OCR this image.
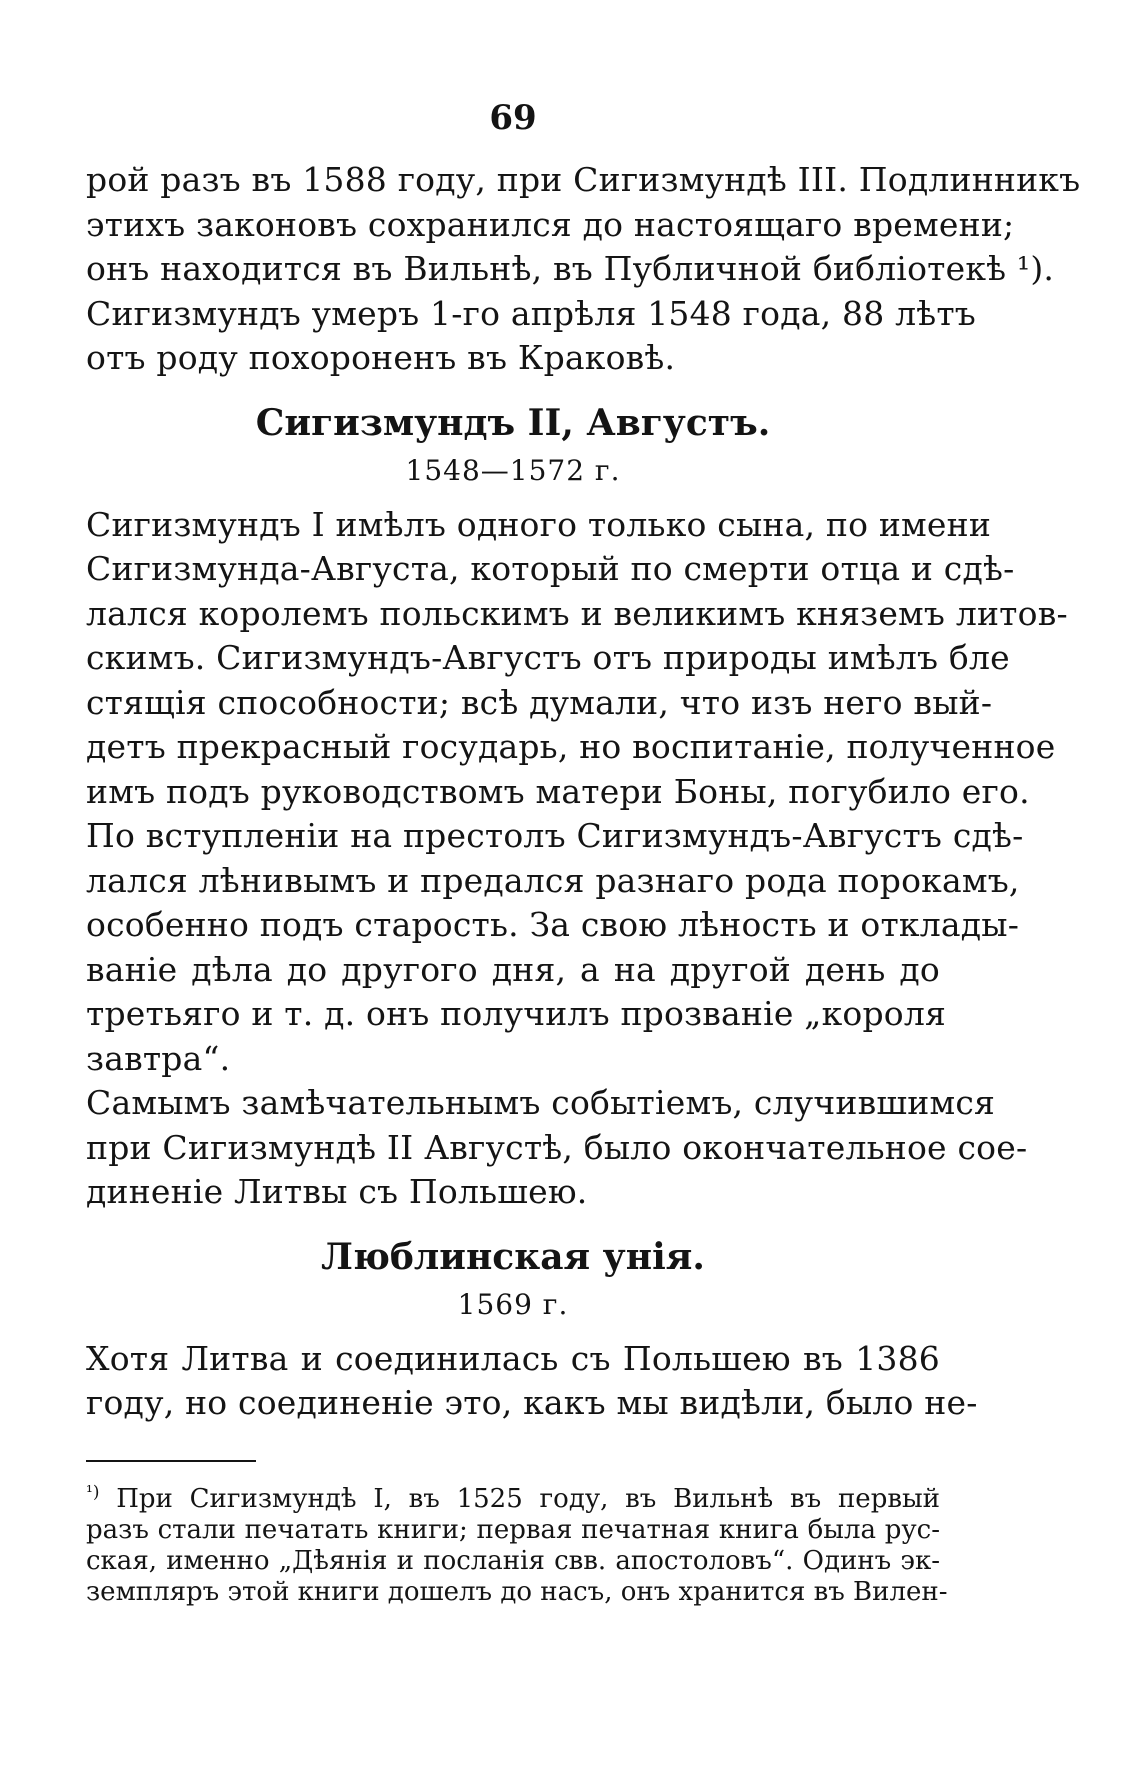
69

рой разъ въ 1588 году, при Сигизмундѣ III. Подлинникъ
этихъ законовъ сохранился до настоящаго времени;
онъ находится въ Вильнѣ, въ Публичной библіотекѣ ¹).

Сигизмундъ умеръ 1-го апрѣля 1548 года, 88 лѣтъ
отъ роду похороненъ въ Краковѣ.

Сигизмундъ II, Августъ.
1548—1572 г.

Сигизмундъ I имѣлъ одного только сына, по имени
Сигизмунда-Августа, который по смерти отца и сдѣ-
лался королемъ польскимъ и великимъ княземъ литов-
скимъ. Сигизмундъ-Августъ отъ природы имѣлъ бле
стящія способности; всѣ думали, что изъ него вый-
детъ прекрасный государь, но воспитаніе, полученное
имъ подъ руководствомъ матери Боны, погубило его.
По вступленіи на престолъ Сигизмундъ-Августъ сдѣ-
лался лѣнивымъ и предался разнаго рода порокамъ,
особенно подъ старость. За свою лѣность и отклады-
ваніе дѣла до другого дня, а на другой день до
третьяго и т. д. онъ получилъ прозваніе „короля
завтра“.

Самымъ замѣчательнымъ событіемъ, случившимся
при Сигизмундѣ II Августѣ, было окончательное сое-
диненіе Литвы съ Польшею.

Люблинская унія.
1569 г.

Хотя Литва и соединилась съ Польшею въ 1386
году, но соединеніе это, какъ мы видѣли, было не-

$^{^1)}$ При Сигизмундѣ I, въ 1525 году, въ Вильнѣ въ первый
разъ стали печатать книги; первая печатная книга была рус-
ская, именно „Дѣянія и посланія свв. апостоловъ“. Одинъ эк-
земпляръ этой книги дошелъ до насъ, онъ хранится въ Вилен-
